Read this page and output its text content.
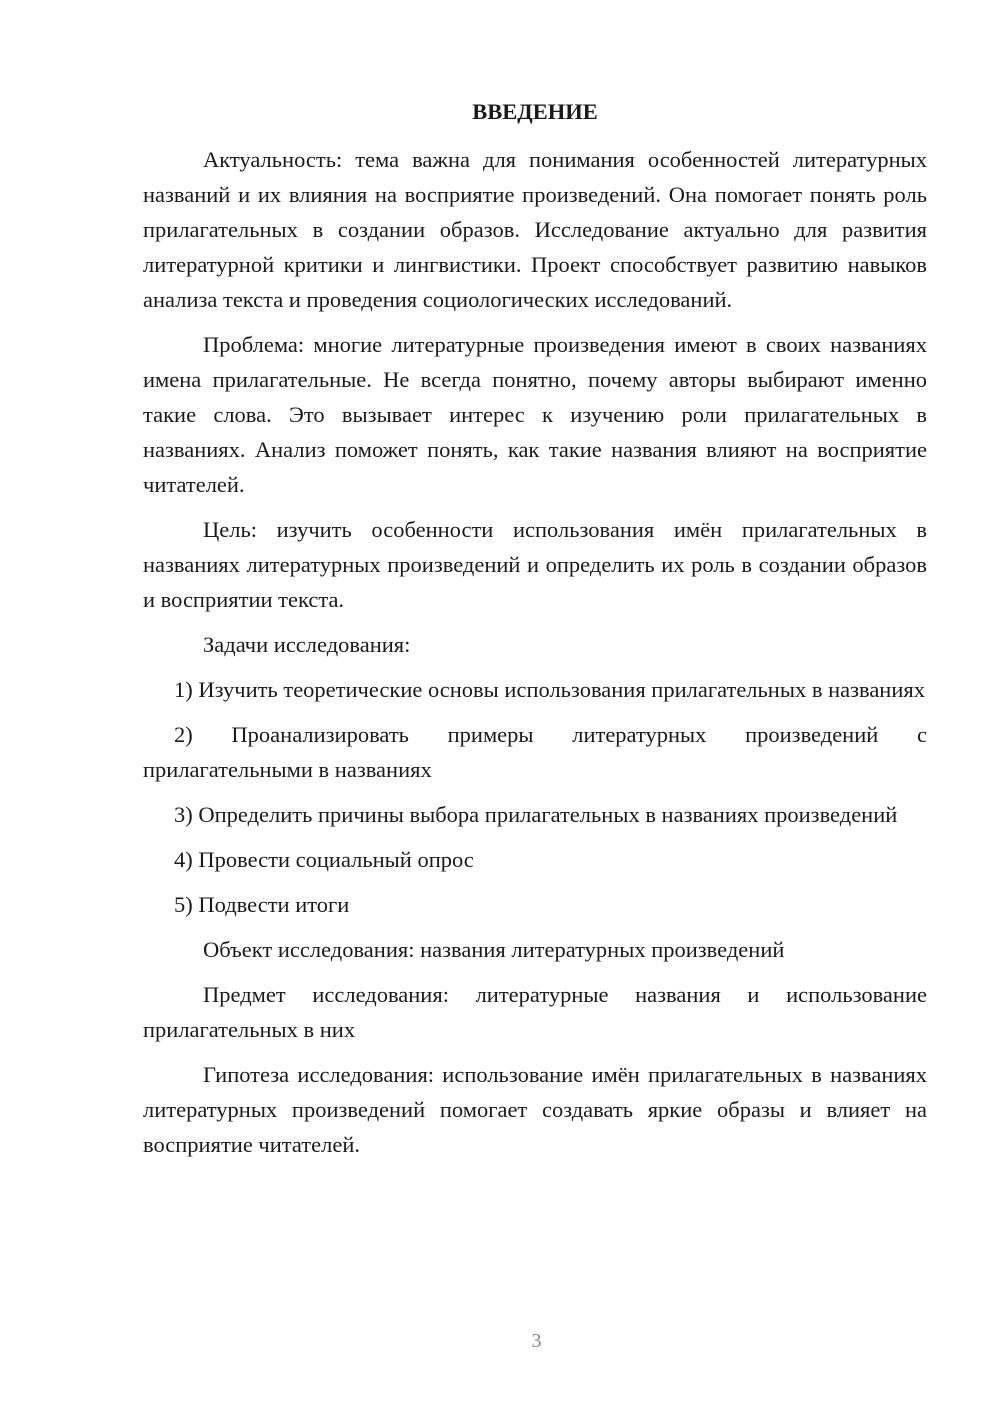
ВВЕДЕНИЕ

Актуальность: тема важна для понимания особенностей литературных названий и их влияния на восприятие произведений. Она помогает понять роль прилагательных в создании образов. Исследование актуально для развития литературной критики и лингвистики. Проект способствует развитию навыков анализа текста и проведения социологических исследований.

Проблема: многие литературные произведения имеют в своих названиях имена прилагательные. Не всегда понятно, почему авторы выбирают именно такие слова. Это вызывает интерес к изучению роли прилагательных в названиях. Анализ поможет понять, как такие названия влияют на восприятие читателей.

Цель: изучить особенности использования имён прилагательных в названиях литературных произведений и определить их роль в создании образов и восприятии текста.

Задачи исследования:

1) Изучить теоретические основы использования прилагательных в названиях

2) Проанализировать примеры литературных произведений с прилагательными в названиях

3) Определить причины выбора прилагательных в названиях произведений

4) Провести социальный опрос

5) Подвести итоги

Объект исследования: названия литературных произведений

Предмет исследования: литературные названия и использование прилагательных в них

Гипотеза исследования: использование имён прилагательных в названиях литературных произведений помогает создавать яркие образы и влияет на восприятие читателей.

3
